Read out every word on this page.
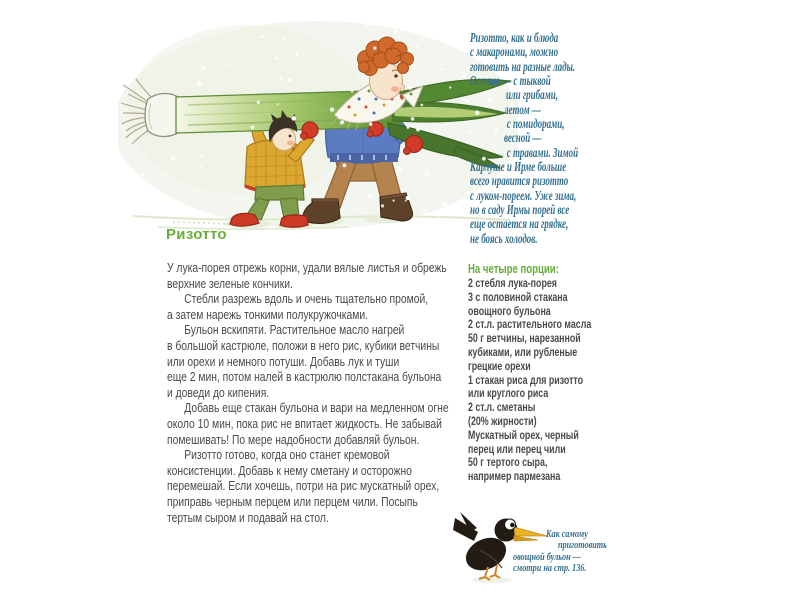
Ризотто
У лука-порея отрежь корни, удали вялые листья и обрежь
верхние зеленые кончики.
Стебли разрежь вдоль и очень тщательно промой,
а затем нарежь тонкими полукружочками.
Бульон вскипяти. Растительное масло нагрей
в большой кастрюле, положи в него рис, кубики ветчины
или орехи и немного потуши. Добавь лук и туши
еще 2 мин, потом налей в кастрюлю полстакана бульона
и доведи до кипения.
Добавь еще стакан бульона и вари на медленном огне
около 10 мин, пока рис не впитает жидкость. Не забывай
помешивать! По мере надобности добавляй бульон.
Ризотто готово, когда оно станет кремовой
консистенции. Добавь к нему сметану и осторожно
перемешай. Если хочешь, потри на рис мускатный орех,
приправь черным перцем или перцем чили. Посыпь
тертым сыром и подавай на стол.
Ризотто, как и блюда
с макаронами, можно
готовить на разные лады.
Осенью — с тыквой
или грибами,
летом —
с помидорами,
весной —
с травами. Зимой
Карлуше и Ирме больше
всего нравится ризотто
с луком-пореем. Уже зима,
но в саду Ирмы порей все
еще остается на грядке,
не боясь холодов.
На четыре порции:
2 стебля лука-порея
3 с половиной стакана
овощного бульона
2 ст.л. растительного масла
50 г ветчины, нарезанной
кубиками, или рубленые
грецкие орехи
1 стакан риса для ризотто
или круглого риса
2 ст.л. сметаны
(20% жирности)
Мускатный орех, черный
перец или перец чили
50 г тертого сыра,
например пармезана
Как самому
приготовить
овощной бульон —
смотри на стр. 136.
